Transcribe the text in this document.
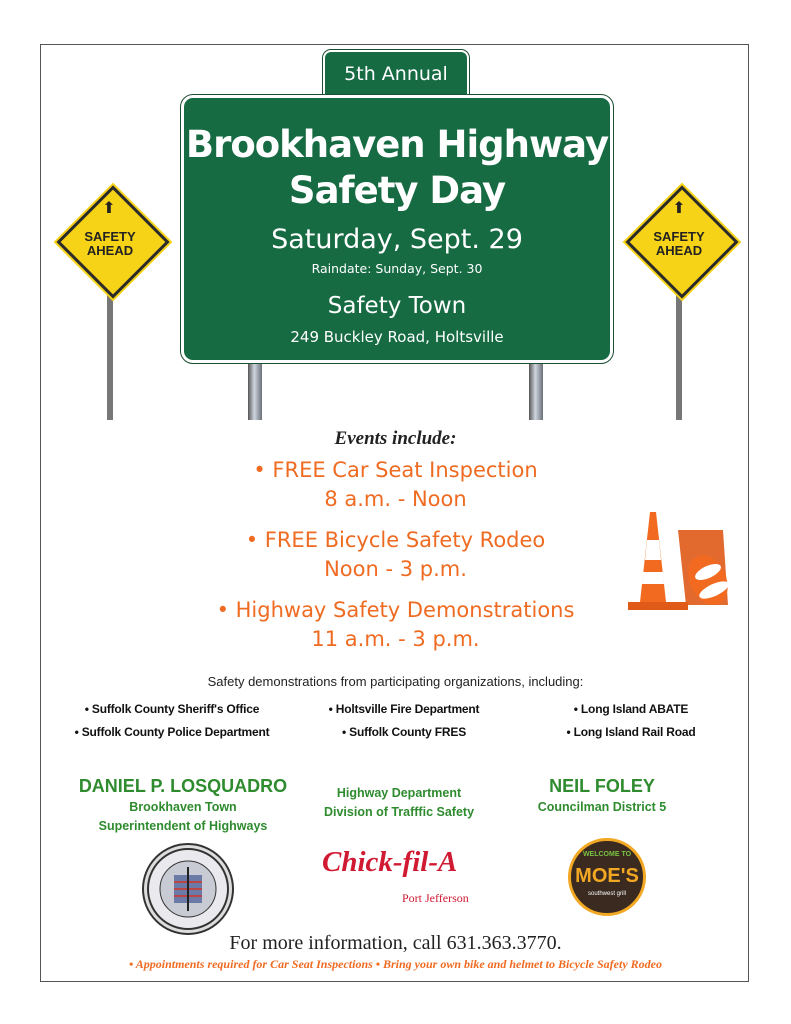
⬆
SAFETY
AHEAD
⬆
SAFETY
AHEAD
5th Annual
Brookhaven Highway
Safety Day
Saturday, Sept. 29
Raindate: Sunday, Sept. 30
Safety Town
249 Buckley Road, Holtsville
Events include:
• FREE Car Seat Inspection
8 a.m. - Noon
• FREE Bicycle Safety Rodeo
Noon - 3 p.m.
• Highway Safety Demonstrations
11 a.m. - 3 p.m.
Safety demonstrations from participating organizations, including:
• Suffolk County Sheriff's Office	• Holtsville Fire Department	• Long Island ABATE
• Suffolk County Police Department	• Suffolk County FRES	• Long Island Rail Road
DANIEL P. LOSQUADRO
Brookhaven Town
Superintendent of Highways
Highway Department
Division of Trafffic Safety
NEIL FOLEY
Councilman District 5
Chick-fil-A
Port Jefferson
WELCOME TO
MOE'S
southwest grill
For more information, call 631.363.3770.
• Appointments required for Car Seat Inspections • Bring your own bike and helmet to Bicycle Safety Rodeo
